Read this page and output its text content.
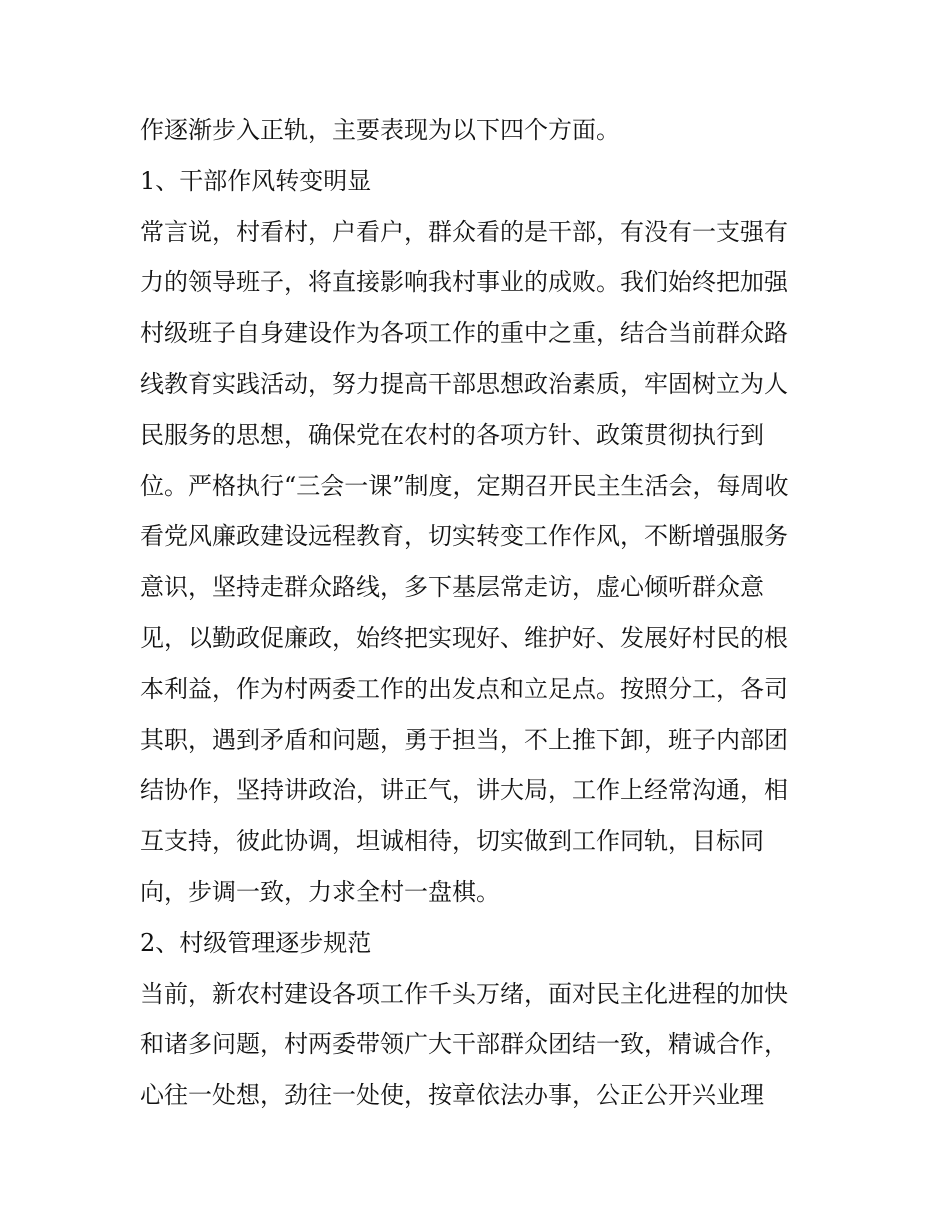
作逐渐步入正轨，主要表现为以下四个方面。
1、干部作风转变明显
常言说，村看村，户看户，群众看的是干部，有没有一支强有
力的领导班子，将直接影响我村事业的成败。我们始终把加强
村级班子自身建设作为各项工作的重中之重，结合当前群众路
线教育实践活动，努力提高干部思想政治素质，牢固树立为人
民服务的思想，确保党在农村的各项方针、政策贯彻执行到
位。严格执行“三会一课”制度，定期召开民主生活会，每周收
看党风廉政建设远程教育，切实转变工作作风，不断增强服务
意识，坚持走群众路线，多下基层常走访，虚心倾听群众意
见，以勤政促廉政，始终把实现好、维护好、发展好村民的根
本利益，作为村两委工作的出发点和立足点。按照分工，各司
其职，遇到矛盾和问题，勇于担当，不上推下卸，班子内部团
结协作，坚持讲政治，讲正气，讲大局，工作上经常沟通，相
互支持，彼此协调，坦诚相待，切实做到工作同轨，目标同
向，步调一致，力求全村一盘棋。
2、村级管理逐步规范
当前，新农村建设各项工作千头万绪，面对民主化进程的加快
和诸多问题，村两委带领广大干部群众团结一致，精诚合作，
心往一处想，劲往一处使，按章依法办事，公正公开兴业理
